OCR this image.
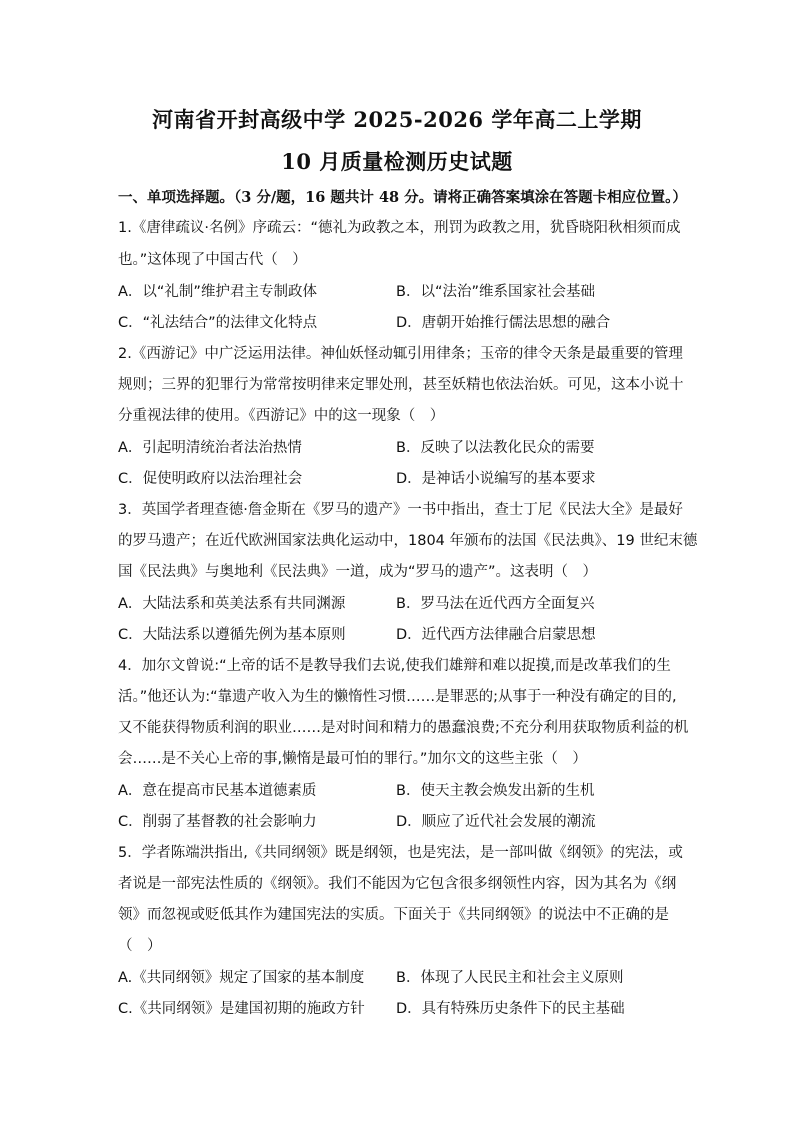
河南省开封高级中学 2025-2026 学年高二上学期
10 月质量检测历史试题
一、单项选择题。（3 分/题，16 题共计 48 分。请将正确答案填涂在答题卡相应位置。）
1.《唐律疏议·名例》序疏云：“德礼为政教之本，刑罚为政教之用，犹昏晓阳秋相须而成
也。”这体现了中国古代（　）
A．以“礼制”维护君主专制政体	B．以“法治”维系国家社会基础
C．“礼法结合”的法律文化特点	D．唐朝开始推行儒法思想的融合
2.《西游记》中广泛运用法律。神仙妖怪动辄引用律条；玉帝的律令天条是最重要的管理
规则；三界的犯罪行为常常按明律来定罪处刑，甚至妖精也依法治妖。可见，这本小说十
分重视法律的使用。《西游记》中的这一现象（　）
A．引起明清统治者法治热情	B．反映了以法教化民众的需要
C．促使明政府以法治理社会	D．是神话小说编写的基本要求
3．英国学者理查德·詹金斯在《罗马的遗产》一书中指出，查士丁尼《民法大全》是最好
的罗马遗产；在近代欧洲国家法典化运动中，1804 年颁布的法国《民法典》、19 世纪末德
国《民法典》与奥地利《民法典》一道，成为“罗马的遗产”。这表明（　）
A．大陆法系和英美法系有共同渊源	B．罗马法在近代西方全面复兴
C．大陆法系以遵循先例为基本原则	D．近代西方法律融合启蒙思想
4．加尔文曾说:“上帝的话不是教导我们去说,使我们雄辩和难以捉摸,而是改革我们的生
活。”他还认为:“靠遗产收入为生的懒惰性习惯……是罪恶的;从事于一种没有确定的目的,
又不能获得物质利润的职业……是对时间和精力的愚蠢浪费;不充分利用获取物质利益的机
会……是不关心上帝的事,懒惰是最可怕的罪行。”加尔文的这些主张（　）
A．意在提高市民基本道德素质	B．使天主教会焕发出新的生机
C．削弱了基督教的社会影响力	D．顺应了近代社会发展的潮流
5．学者陈端洪指出,《共同纲领》既是纲领，也是宪法，是一部叫做《纲领》的宪法，或
者说是一部宪法性质的《纲领》。我们不能因为它包含很多纲领性内容，因为其名为《纲
领》而忽视或贬低其作为建国宪法的实质。下面关于《共同纲领》的说法中不正确的是
（　）
A.《共同纲领》规定了国家的基本制度 B．体现了人民民主和社会主义原则
C.《共同纲领》是建国初期的施政方针 D．具有特殊历史条件下的民主基础
